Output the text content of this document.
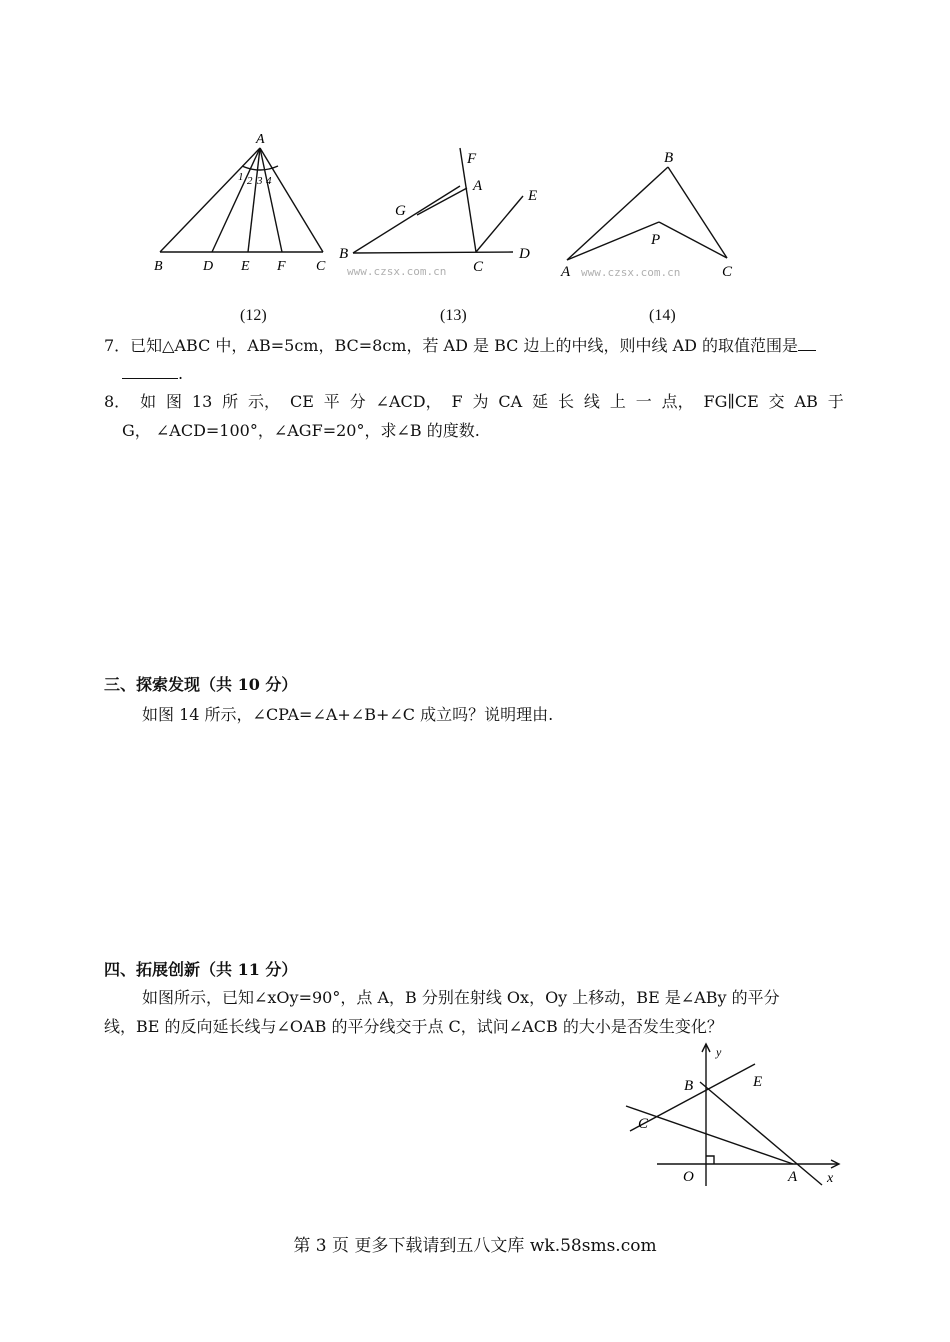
A
1 2 3 4
B	D E F C
F
A
G
E
B
C
D
www.czsx.com.cn
B
P
A	C
www.czsx.com.cn
(12)	(13)	(14)
7．已知△ABC 中，AB=5cm，BC=8cm，若 AD 是 BC 边上的中线，则中线 AD 的取值范围是
.
8． 如 图 13 所 示， CE 平 分 ∠ACD， F 为 CA 延 长 线 上 一 点， FG∥CE 交 AB 于
G， ∠ACD=100°，∠AGF=20°，求∠B 的度数.
三、探索发现（共 10 分）
如图 14 所示，∠CPA=∠A+∠B+∠C 成立吗？说明理由.
四、拓展创新（共 11 分）
如图所示，已知∠xOy=90°，点 A，B 分别在射线 Ox，Oy 上移动，BE 是∠ABy 的平分
线，BE 的反向延长线与∠OAB 的平分线交于点 C，试问∠ACB 的大小是否发生变化？
y
B	E
C
O	A x
第 3 页 更多下载请到五八文库 wk.58sms.com
